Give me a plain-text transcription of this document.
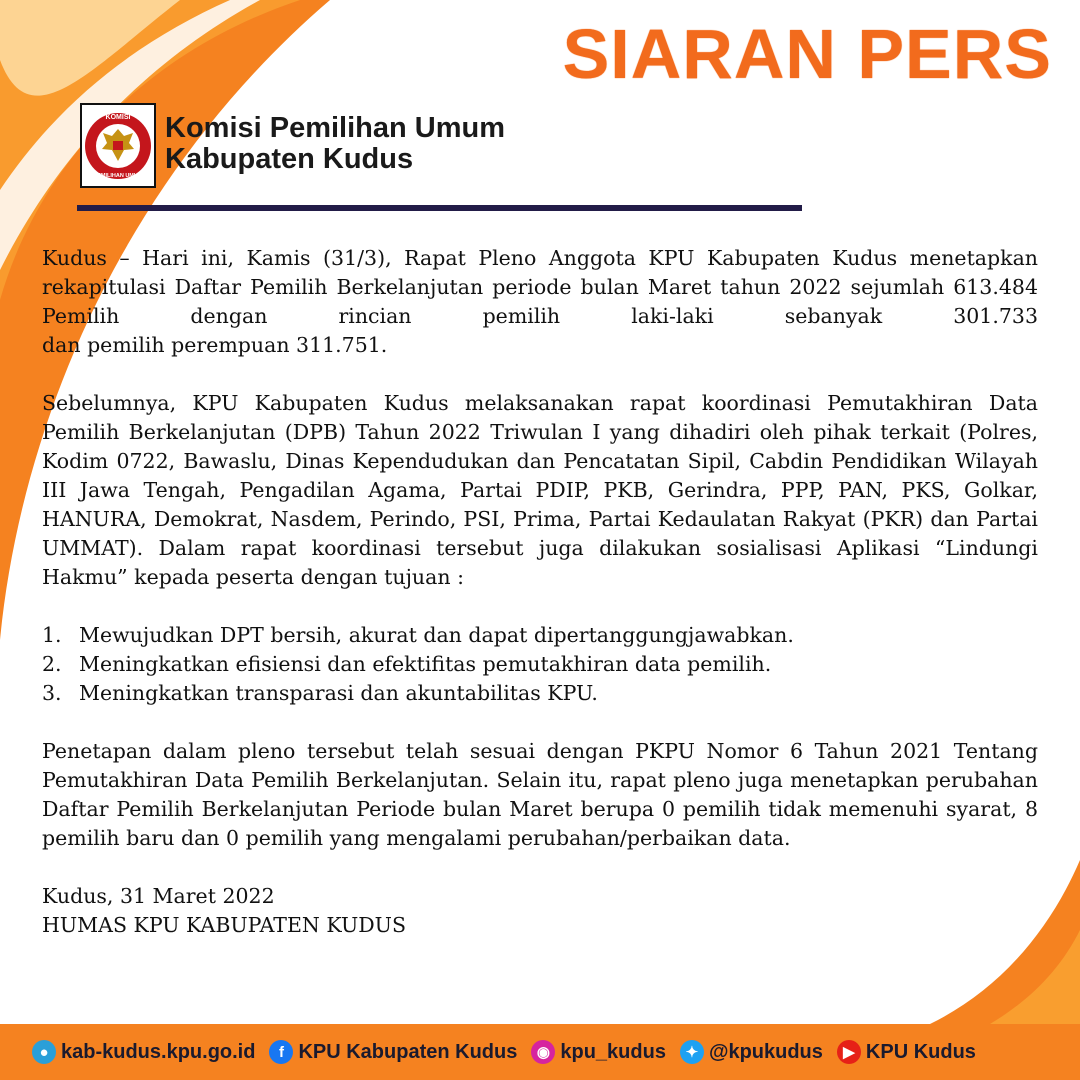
SIARAN PERS
KOMISI
PEMILIHAN UMUM
Komisi Pemilihan Umum
Kabupaten Kudus

Kudus – Hari ini, Kamis (31/3), Rapat Pleno Anggota KPU Kabupaten Kudus menetapkan rekapitulasi Daftar Pemilih Berkelanjutan periode bulan Maret tahun 2022 sejumlah 613.484 Pemilih dengan rincian pemilih laki-laki sebanyak 301.733

dan pemilih perempuan 311.751.

Sebelumnya, KPU Kabupaten Kudus melaksanakan rapat koordinasi Pemutakhiran Data Pemilih Berkelanjutan (DPB) Tahun 2022 Triwulan I yang dihadiri oleh pihak terkait (Polres, Kodim 0722, Bawaslu, Dinas Kependudukan dan Pencatatan Sipil, Cabdin Pendidikan Wilayah III Jawa Tengah, Pengadilan Agama, Partai PDIP, PKB, Gerindra, PPP, PAN, PKS, Golkar, HANURA, Demokrat, Nasdem, Perindo, PSI, Prima, Partai Kedaulatan Rakyat (PKR) dan Partai UMMAT). Dalam rapat koordinasi tersebut juga dilakukan sosialisasi Aplikasi “Lindungi Hakmu” kepada peserta dengan tujuan :

1. Mewujudkan DPT bersih, akurat dan dapat dipertanggungjawabkan.
2. Meningkatkan efisiensi dan efektifitas pemutakhiran data pemilih.
3. Meningkatkan transparasi dan akuntabilitas KPU.

Penetapan dalam pleno tersebut telah sesuai dengan PKPU Nomor 6 Tahun 2021 Tentang Pemutakhiran Data Pemilih Berkelanjutan. Selain itu, rapat pleno juga menetapkan perubahan Daftar Pemilih Berkelanjutan Periode bulan Maret berupa 0 pemilih tidak memenuhi syarat, 8 pemilih baru dan 0 pemilih yang mengalami perubahan/perbaikan data.

Kudus, 31 Maret 2022
HUMAS KPU KABUPATEN KUDUS
● kab-kudus.kpu.go.id	f KPU Kabupaten Kudus	◉ kpu_kudus	✦ @kpukudus	▶ KPU Kudus
